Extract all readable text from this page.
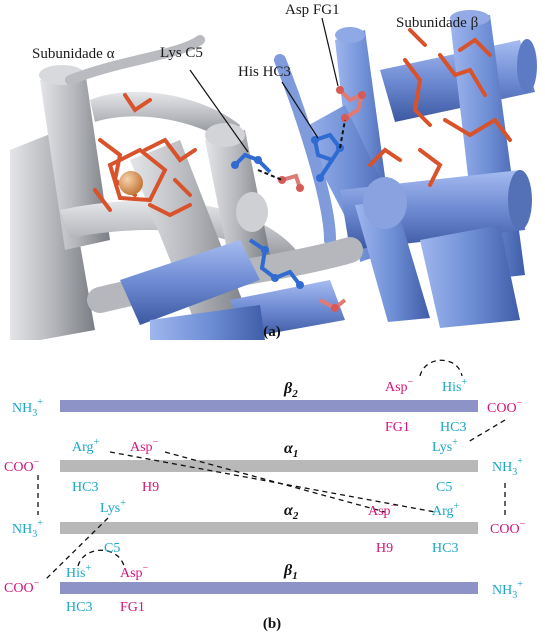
Subunidade α
Subunidade β
Lys C5
His HC3
Asp FG1
(a)
$\beta_2$
$\alpha_1$
$\alpha_2$
$\beta_1$
$NH_3^+$
Asp− His+
COO−
FG1 HC3
Arg+ Asp−	Lys+
COO−	$NH_3^+$
HC3	H9	C5
Lys+
Asp−	Arg+
$NH_3^+$	COO−
C5	H9	HC3
His+ Asp−
COO−	$NH_3^+$
HC3 FG1
(b)
